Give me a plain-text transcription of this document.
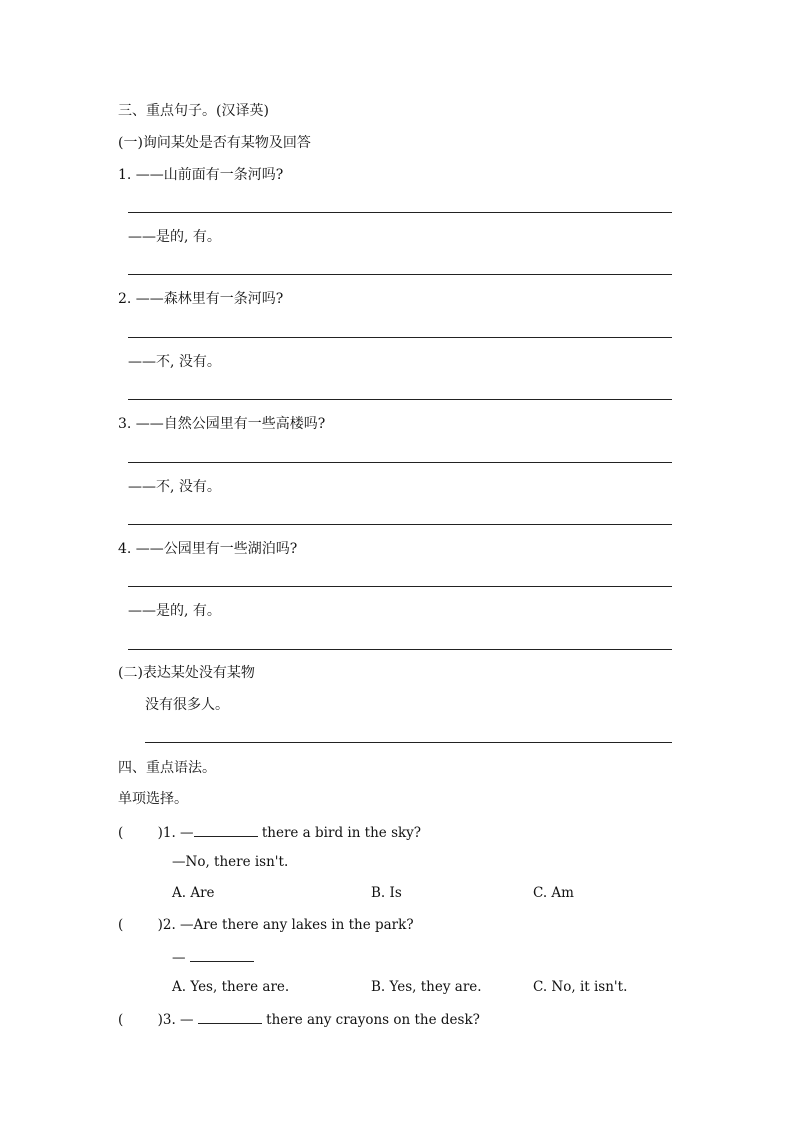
三、重点句子。(汉译英)
(一)询问某处是否有某物及回答
1. ——山前面有一条河吗?
——是的, 有。
2. ——森林里有一条河吗?
——不, 没有。
3. ——自然公园里有一些高楼吗?
——不, 没有。
4. ——公园里有一些湖泊吗?
——是的, 有。
(二)表达某处没有某物
没有很多人。
四、重点语法。
单项选择。
(        )1. —	there a bird in the sky?
—No, there isn't.
A. Are	B. Is	C. Am
(        )2. —Are there any lakes in the park?
—
A. Yes, there are.	B. Yes, they are.	C. No, it isn't.
(        )3. —	there any crayons on the desk?
